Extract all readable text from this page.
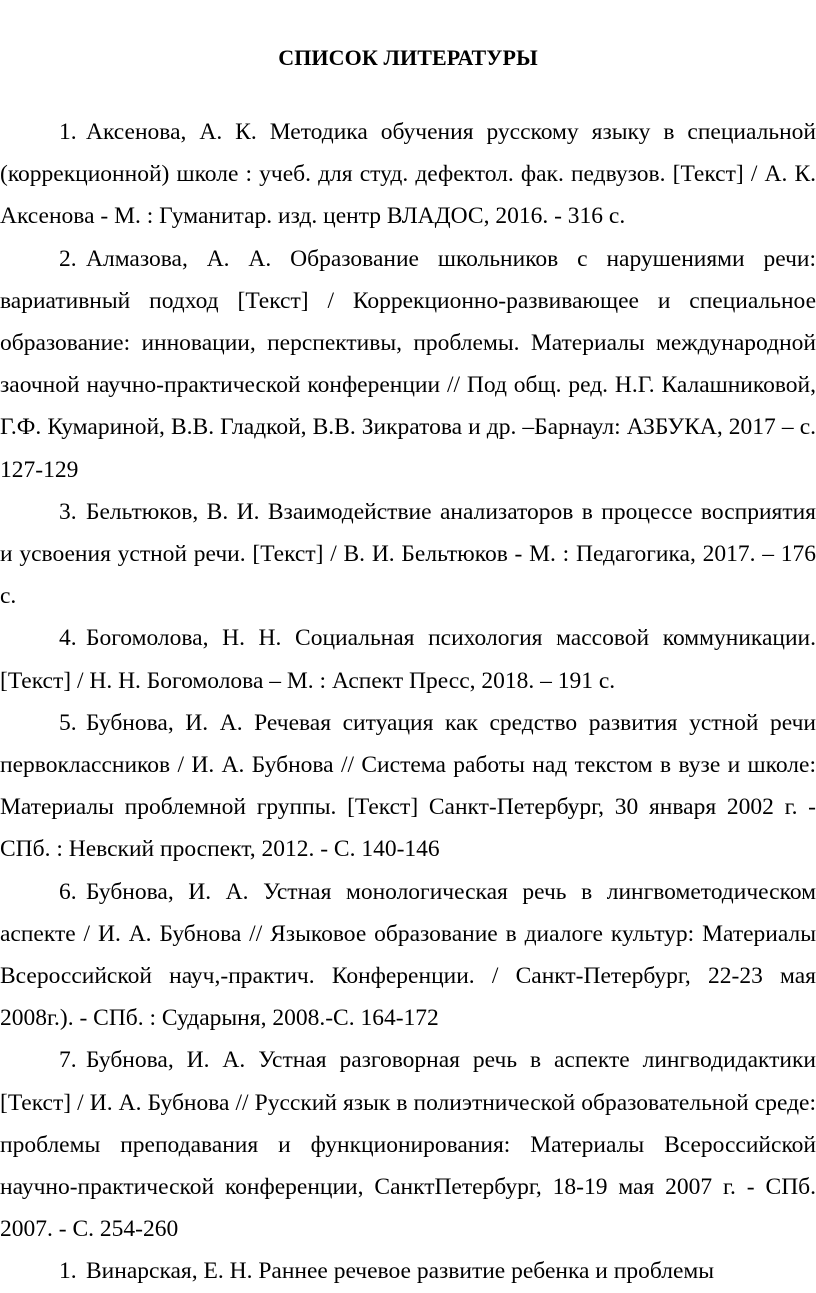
СПИСОК ЛИТЕРАТУРЫ
1. Аксенова, А. К. Методика обучения русскому языку в специальной (коррекционной) школе : учеб. для студ. дефектол. фак. педвузов. [Текст] / А. К. Аксенова - М. : Гуманитар. изд. центр ВЛАДОС, 2016. - 316 с.
2. Алмазова, А. А. Образование школьников с нарушениями речи: вариативный подход [Текст] / Коррекционно-развивающее и специальное образование: инновации, перспективы, проблемы. Материалы международной заочной научно-практической конференции // Под общ. ред. Н.Г. Калашниковой, Г.Ф. Кумариной, В.В. Гладкой, В.В. Зикратова и др. –Барнаул: АЗБУКА, 2017 – с. 127-129
3. Бельтюков, В. И. Взаимодействие анализаторов в процессе восприятия и усвоения устной речи. [Текст] / В. И. Бельтюков - М. : Педагогика, 2017. – 176 с.
4. Богомолова, Н. Н. Социальная психология массовой коммуникации. [Текст] / Н. Н. Богомолова – М. : Аспект Пресс, 2018. – 191 с.
5. Бубнова, И. А. Речевая ситуация как средство развития устной речи первоклассников / И. А. Бубнова // Система работы над текстом в вузе и школе: Материалы проблемной группы. [Текст] Санкт-Петербург, 30 января 2002 г. - СПб. : Невский проспект, 2012. - С. 140-146
6. Бубнова, И. А. Устная монологическая речь в лингвометодическом аспекте / И. А. Бубнова // Языковое образование в диалоге культур: Материалы Всероссийской науч,-практич. Конференции. / Санкт-Петербург, 22-23 мая 2008г.). - СПб. : Сударыня, 2008.-С. 164-172
7. Бубнова, И. А. Устная разговорная речь в аспекте лингводидактики [Текст] / И. А. Бубнова // Русский язык в полиэтнической образовательной среде: проблемы преподавания и функционирования: Материалы Всероссийской научно-практической конференции, СанктПетербург, 18-19 мая 2007 г. - СПб. 2007. - С. 254-260
1. Винарская, Е. Н. Раннее речевое развитие ребенка и проблемы
